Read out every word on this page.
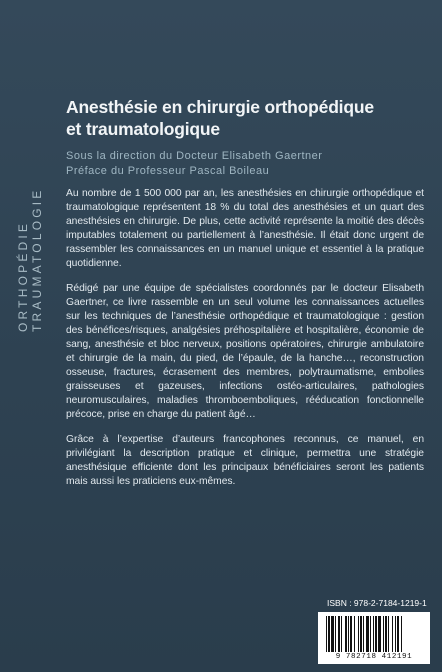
ORTHOPÉDIE TRAUMATOLOGIE
Anesthésie en chirurgie orthopédique
et traumatologique
Sous la direction du Docteur Elisabeth Gaertner
Préface du Professeur Pascal Boileau

Au nombre de 1 500 000 par an, les anesthésies en chirurgie orthopédique et traumatologique représentent 18 % du total des anesthésies et un quart des anesthésies en chirurgie. De plus, cette activité représente la moitié des décès imputables totalement ou partiellement à l’anesthésie. Il était donc urgent de rassembler les connaissances en un manuel unique et essentiel à la pratique quotidienne.

Rédigé par une équipe de spécialistes coordonnés par le docteur Elisabeth Gaertner, ce livre rassemble en un seul volume les connaissances actuelles sur les techniques de l’anesthésie orthopédique et traumatologique : gestion des bénéfices/risques, analgésies préhospitalière et hospitalière, économie de sang, anesthésie et bloc nerveux, positions opératoires, chirurgie ambulatoire et chirurgie de la main, du pied, de l’épaule, de la hanche…, reconstruction osseuse, fractures, écrasement des membres, polytraumatisme, embolies graisseuses et gazeuses, infections ostéo-articulaires, pathologies neuromusculaires, maladies thromboemboliques, rééducation fonctionnelle précoce, prise en charge du patient âgé…

Grâce à l’expertise d’auteurs francophones reconnus, ce manuel, en privilégiant la description pratique et clinique, permettra une stratégie anesthésique efficiente dont les principaux bénéficiaires seront les patients mais aussi les praticiens eux-mêmes.

ISBN : 978-2-7184-1219-1
9 782718 412191
